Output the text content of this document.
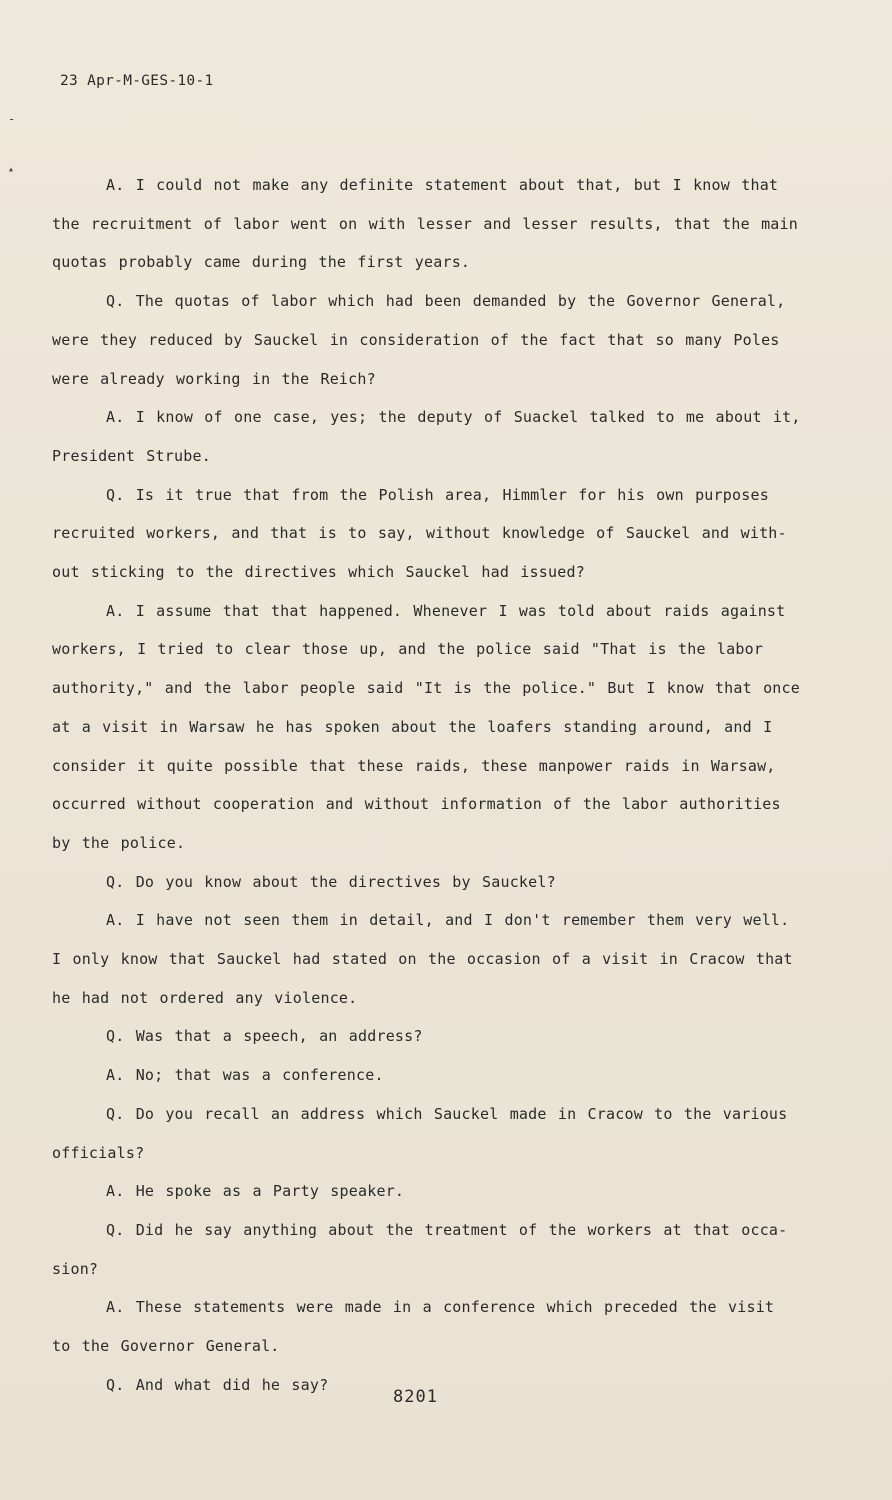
23 Apr-M-GES-10-1
-
▴
A. I could not make any definite statement about that, but I know that
the recruitment of labor went on with lesser and lesser results, that the main
quotas probably came during the first years.
Q. The quotas of labor which had been demanded by the Governor General,
were they reduced by Sauckel in consideration of the fact that so many Poles
were already working in the Reich?
A. I know of one case, yes; the deputy of Suackel talked to me about it,
President Strube.
Q. Is it true that from the Polish area, Himmler for his own purposes
recruited workers, and that is to say, without knowledge of Sauckel and with-
out sticking to the directives which Sauckel had issued?
A. I assume that that happened. Whenever I was told about raids against
workers, I tried to clear those up, and the police said "That is the labor
authority," and the labor people said "It is the police." But I know that once
at a visit in Warsaw he has spoken about the loafers standing around, and I
consider it quite possible that these raids, these manpower raids in Warsaw,
occurred without cooperation and without information of the labor authorities
by the police.
Q. Do you know about the directives by Sauckel?
A. I have not seen them in detail, and I don't remember them very well.
I only know that Sauckel had stated on the occasion of a visit in Cracow that
he had not ordered any violence.
Q. Was that a speech, an address?
A. No; that was a conference.
Q. Do you recall an address which Sauckel made in Cracow to the various
officials?
A. He spoke as a Party speaker.
Q. Did he say anything about the treatment of the workers at that occa-
sion?
A. These statements were made in a conference which preceded the visit
to the Governor General.
Q. And what did he say?
8201
